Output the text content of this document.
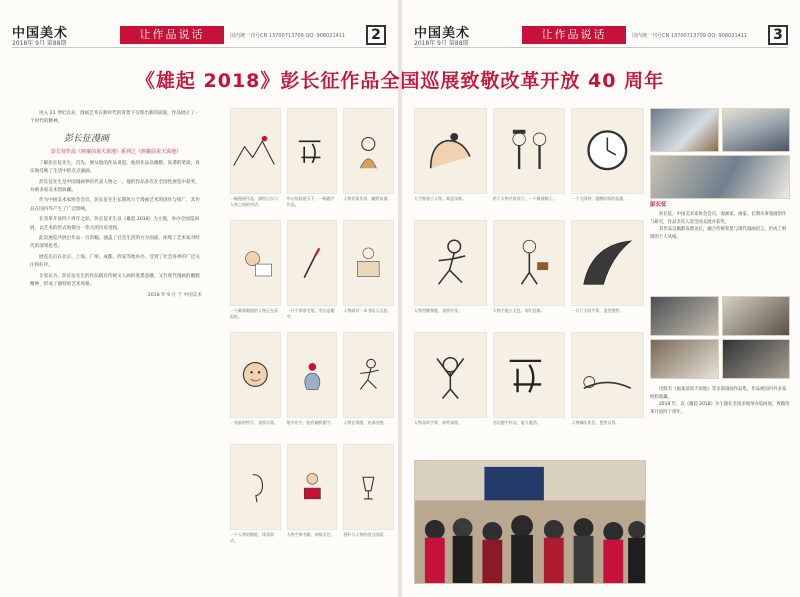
中国美术
2018年 9月 第88期
让作品说话	国内统一刊号CN 13700713709 QQ: 908021411	2

进入 21 世纪以来，漫画艺术在新时代的背景下呈现出新的面貌，作品展示了一个时代的精神。

彭长征漫画
彭长征作品《画案前说天说地》系列之《画案前说天说地》

了解彭长征先生，首先，要从他的作品说起。他的作品以幽默、诙谐的笔调，真实地反映了生活中的点点滴滴。

彭长征先生是中国漫画界的代表人物之一，他的作品多次在全国性展览中获奖，并被多家美术馆收藏。

作为中国美术家协会会员，彭长征先生长期致力于漫画艺术的创作与推广，其作品在国内外产生了广泛影响。

在改革开放四十周年之际，彭长征先生以《雄起 2018》为主题，举办全国巡回展，以艺术的形式致敬这一伟大的历史进程。

此次展览共展出作品一百余幅，涵盖了社会生活的方方面面，体现了艺术家对时代的深刻思考。

展览先后在北京、上海、广州、成都、西安等地举办，受到了社会各界的广泛关注和好评。

专家认为，彭长征先生的作品既有传统文人画的笔墨意趣，又有现代漫画的幽默精神，形成了独特的艺术风格。

2018 年 9 月 于 中国美术

一幅漫画作品，描绘山水与人物之间的对话。
中山装画说天下，一幅题字作品。
人物伏案作画，幽默诙谐。
一个戴着眼镜的人物正在看报纸。
一只手拿着毛笔，旁边是题字。
人物面对一本书陷入沉思。
一张脸的特写，表情丰富。	瓶中花卉，配有幽默题字。	人物在奔跑，充满动感。
一个人物的侧脸，线条简洁。
人物手捧书籍，神情专注。	酒杯与人物的组合画面。
中国美术
2018年 9月 第88期
让作品说话	国内统一刊号CN 13700713709 QQ: 908021411	3
《雄起 2018》彭长征作品全国巡展致敬改革开放 40 周年
大手握着小人物，寓意深刻。	两个人物并肩而立，一个戴着帽子。	一个大闹钟，提醒时间的流逝。
人物弯腰奔跑，表情夸张。	人物手提公文包，匆忙赶路。	一只巨大的牛角，造型独特。
人物高举手臂，欢呼雀跃。	书法题字作品，笔力遒劲。	人物躺卧休息，悠然自得。
彭长征

彭长征，中国美术家协会会员，漫画家，画家，长期从事漫画创作与研究，作品多次入选全国美展并获奖。

其作品以幽默诙谐见长，融合传统笔墨与现代漫画语言，形成了鲜明的个人风格。

出版有《画案前说天说地》等多部漫画作品集，作品被国内外多家机构收藏。

2018 年，以《雄起 2018》为主题在全国多地举办巡回展，致敬改革开放四十周年。
